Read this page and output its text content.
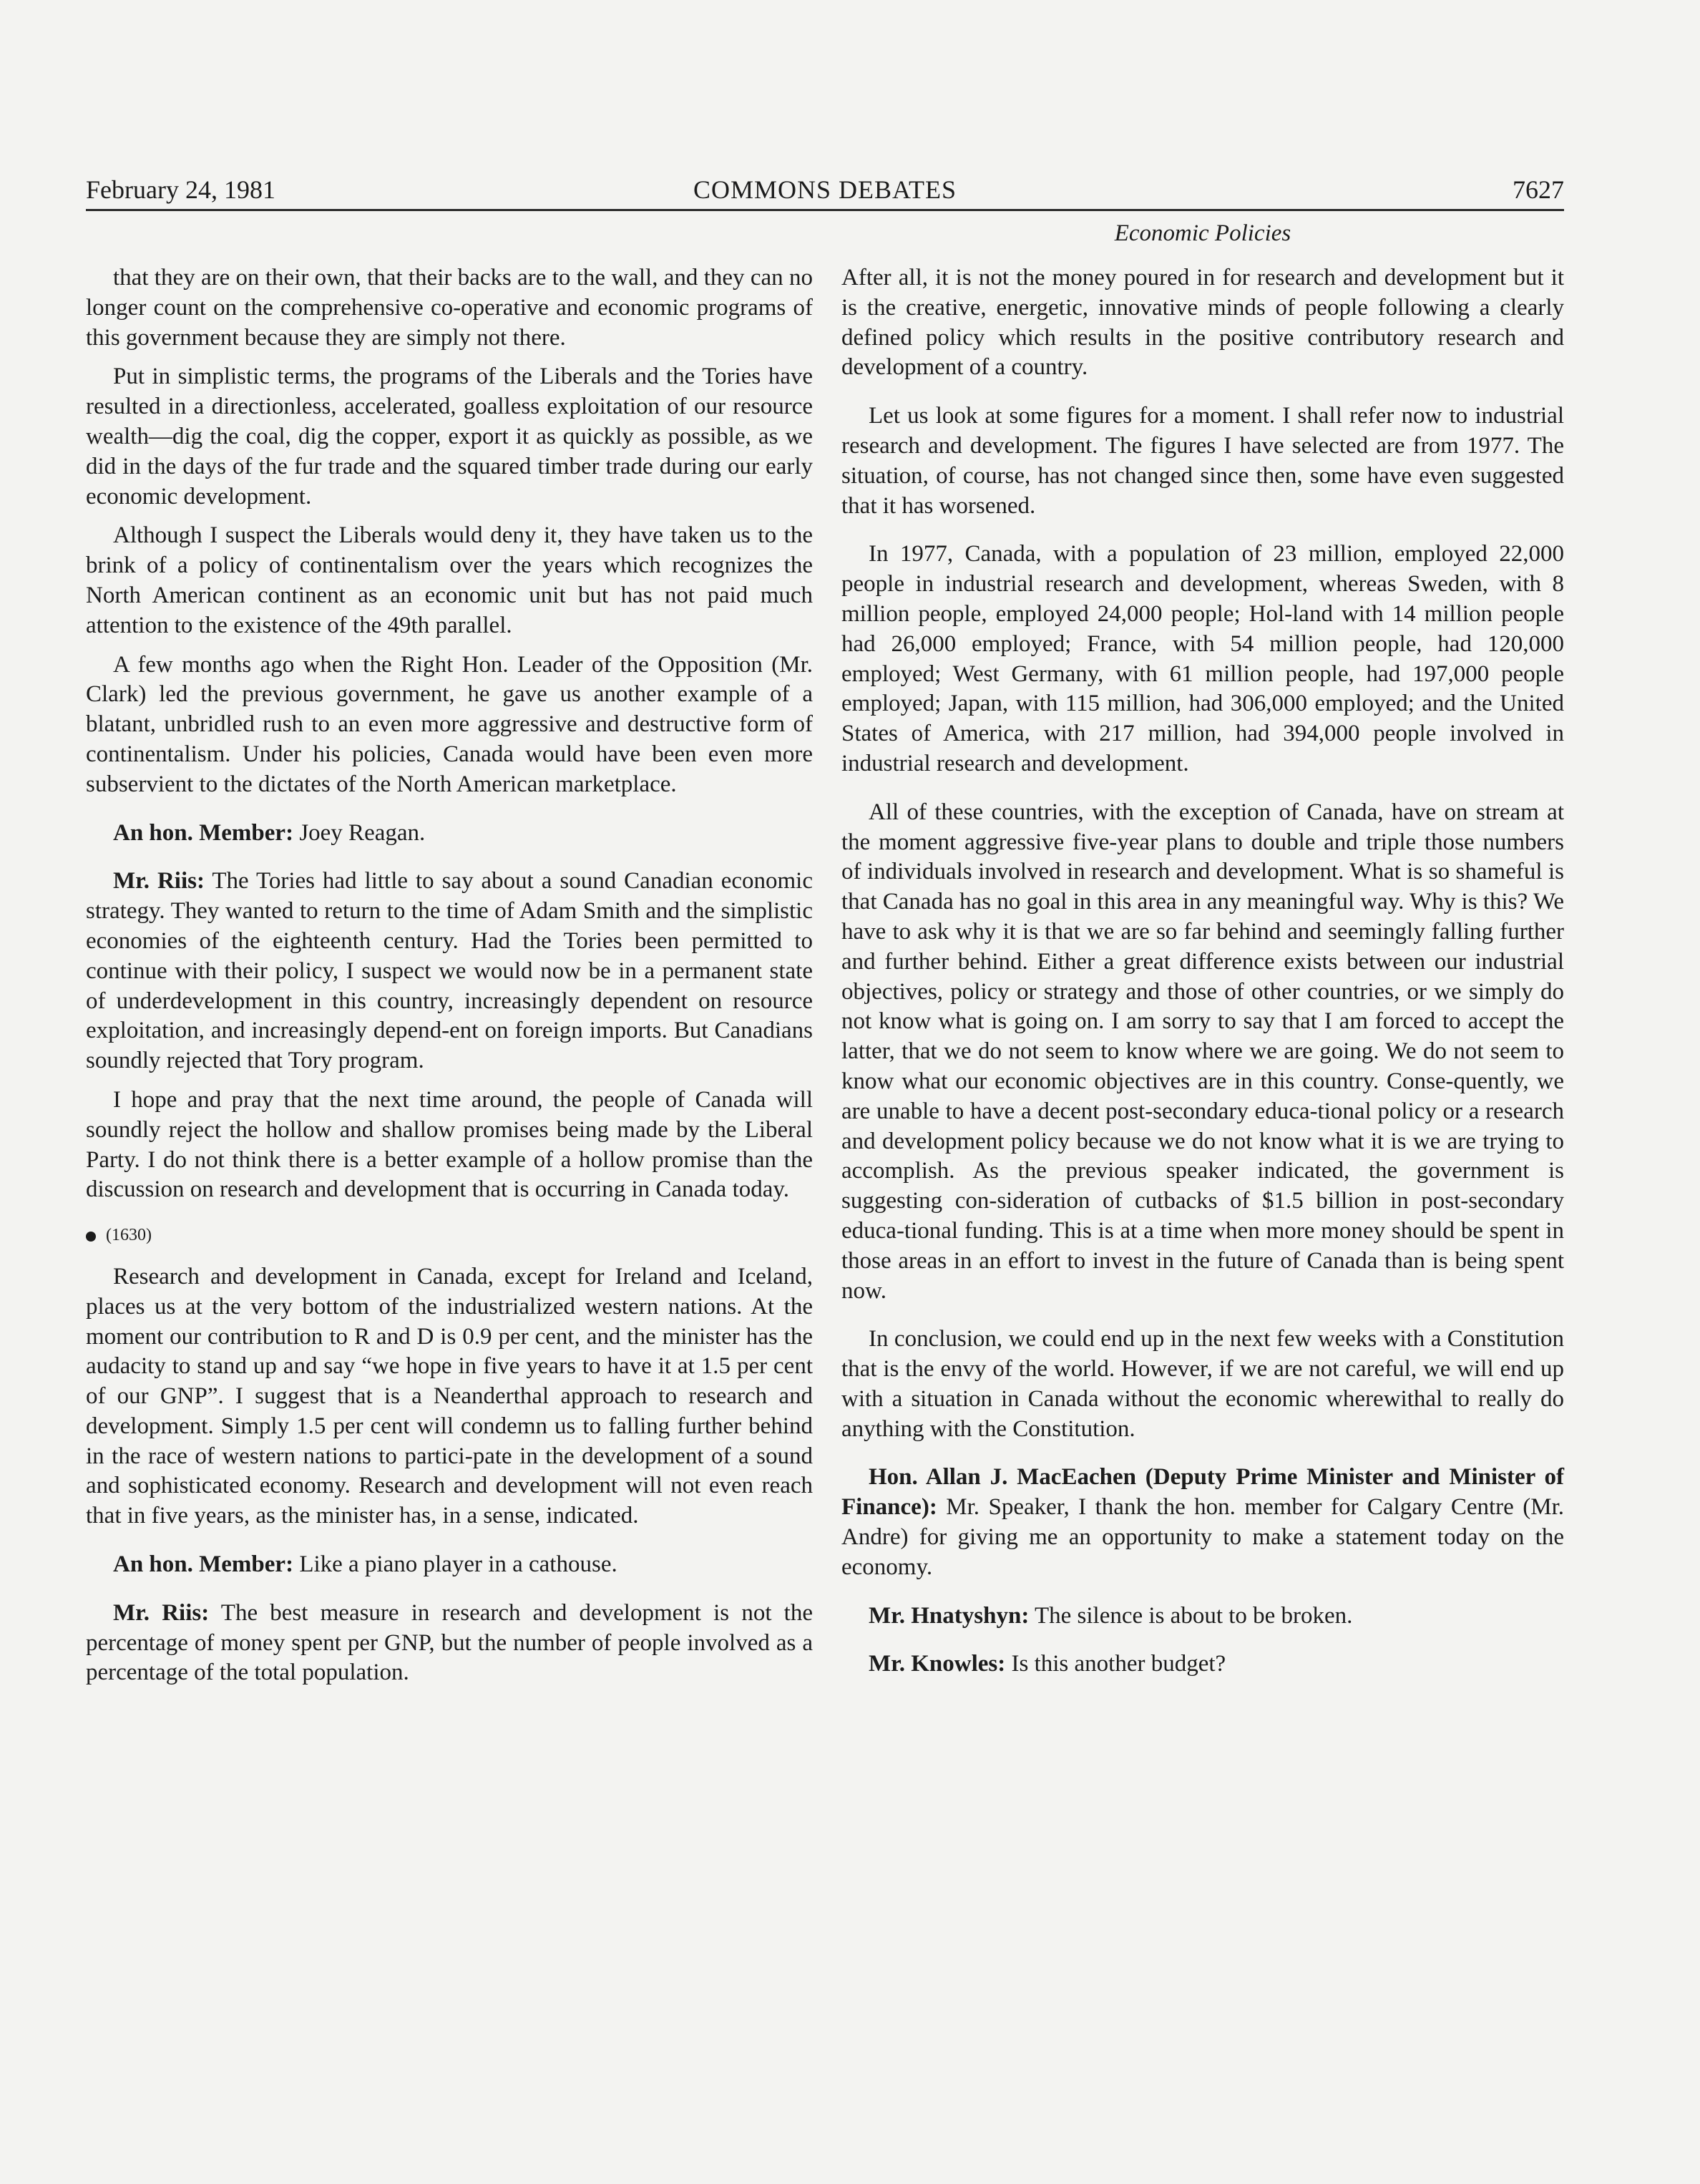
February 24, 1981	COMMONS DEBATES	7627
Economic Policies

that they are on their own, that their backs are to the wall, and they can no longer count on the comprehensive co-operative and economic programs of this government because they are simply not there.

Put in simplistic terms, the programs of the Liberals and the Tories have resulted in a directionless, accelerated, goalless exploitation of our resource wealth—dig the coal, dig the copper, export it as quickly as possible, as we did in the days of the fur trade and the squared timber trade during our early economic development.

Although I suspect the Liberals would deny it, they have taken us to the brink of a policy of continentalism over the years which recognizes the North American continent as an economic unit but has not paid much attention to the existence of the 49th parallel.

A few months ago when the Right Hon. Leader of the Opposition (Mr. Clark) led the previous government, he gave us another example of a blatant, unbridled rush to an even more aggressive and destructive form of continentalism. Under his policies, Canada would have been even more subservient to the dictates of the North American marketplace.

An hon. Member: Joey Reagan.

Mr. Riis: The Tories had little to say about a sound Canadian economic strategy. They wanted to return to the time of Adam Smith and the simplistic economies of the eighteenth century. Had the Tories been permitted to continue with their policy, I suspect we would now be in a permanent state of underdevelopment in this country, increasingly dependent on resource exploitation, and increasingly depend-ent on foreign imports. But Canadians soundly rejected that Tory program.

I hope and pray that the next time around, the people of Canada will soundly reject the hollow and shallow promises being made by the Liberal Party. I do not think there is a better example of a hollow promise than the discussion on research and development that is occurring in Canada today.

(1630)

Research and development in Canada, except for Ireland and Iceland, places us at the very bottom of the industrialized western nations. At the moment our contribution to R and D is 0.9 per cent, and the minister has the audacity to stand up and say “we hope in five years to have it at 1.5 per cent of our GNP”. I suggest that is a Neanderthal approach to research and development. Simply 1.5 per cent will condemn us to falling further behind in the race of western nations to partici-pate in the development of a sound and sophisticated economy. Research and development will not even reach that in five years, as the minister has, in a sense, indicated.

An hon. Member: Like a piano player in a cathouse.

Mr. Riis: The best measure in research and development is not the percentage of money spent per GNP, but the number of people involved as a percentage of the total population.

After all, it is not the money poured in for research and development but it is the creative, energetic, innovative minds of people following a clearly defined policy which results in the positive contributory research and development of a country.

Let us look at some figures for a moment. I shall refer now to industrial research and development. The figures I have selected are from 1977. The situation, of course, has not changed since then, some have even suggested that it has worsened.

In 1977, Canada, with a population of 23 million, employed 22,000 people in industrial research and development, whereas Sweden, with 8 million people, employed 24,000 people; Hol-land with 14 million people had 26,000 employed; France, with 54 million people, had 120,000 employed; West Germany, with 61 million people, had 197,000 people employed; Japan, with 115 million, had 306,000 employed; and the United States of America, with 217 million, had 394,000 people involved in industrial research and development.

All of these countries, with the exception of Canada, have on stream at the moment aggressive five-year plans to double and triple those numbers of individuals involved in research and development. What is so shameful is that Canada has no goal in this area in any meaningful way. Why is this? We have to ask why it is that we are so far behind and seemingly falling further and further behind. Either a great difference exists between our industrial objectives, policy or strategy and those of other countries, or we simply do not know what is going on. I am sorry to say that I am forced to accept the latter, that we do not seem to know where we are going. We do not seem to know what our economic objectives are in this country. Conse-quently, we are unable to have a decent post-secondary educa-tional policy or a research and development policy because we do not know what it is we are trying to accomplish. As the previous speaker indicated, the government is suggesting con-sideration of cutbacks of $1.5 billion in post-secondary educa-tional funding. This is at a time when more money should be spent in those areas in an effort to invest in the future of Canada than is being spent now.

In conclusion, we could end up in the next few weeks with a Constitution that is the envy of the world. However, if we are not careful, we will end up with a situation in Canada without the economic wherewithal to really do anything with the Constitution.

Hon. Allan J. MacEachen (Deputy Prime Minister and Minister of Finance): Mr. Speaker, I thank the hon. member for Calgary Centre (Mr. Andre) for giving me an opportunity to make a statement today on the economy.

Mr. Hnatyshyn: The silence is about to be broken.

Mr. Knowles: Is this another budget?
